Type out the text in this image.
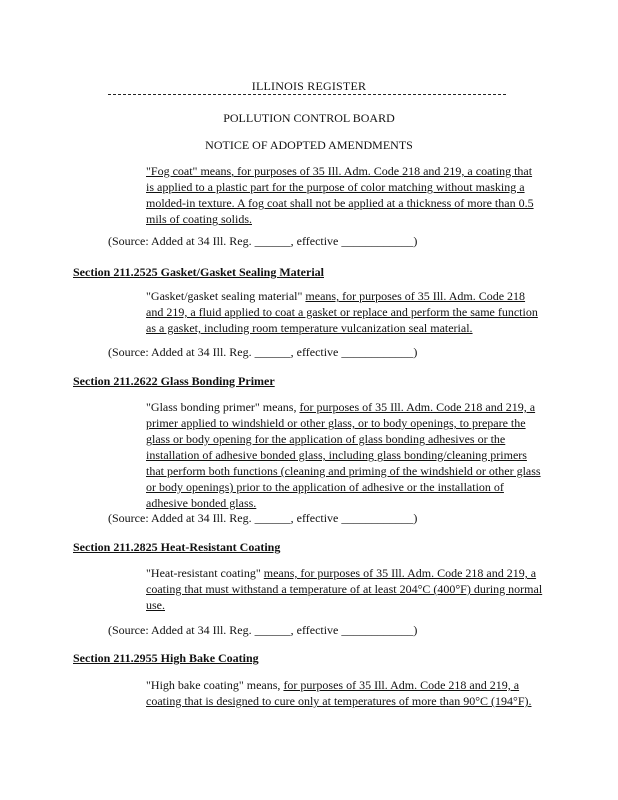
ILLINOIS REGISTER
POLLUTION CONTROL BOARD
NOTICE OF ADOPTED AMENDMENTS
"Fog coat" means, for purposes of 35 Ill. Adm. Code 218 and 219, a coating that
is applied to a plastic part for the purpose of color matching without masking a
molded-in texture. A fog coat shall not be applied at a thickness of more than 0.5
mils of coating solids.
(Source: Added at 34 Ill. Reg. ______, effective ____________)
Section 211.2525 Gasket/Gasket Sealing Material
"Gasket/gasket sealing material" means, for purposes of 35 Ill. Adm. Code 218
and 219, a fluid applied to coat a gasket or replace and perform the same function
as a gasket, including room temperature vulcanization seal material.
(Source: Added at 34 Ill. Reg. ______, effective ____________)
Section 211.2622 Glass Bonding Primer
"Glass bonding primer" means, for purposes of 35 Ill. Adm. Code 218 and 219, a
primer applied to windshield or other glass, or to body openings, to prepare the
glass or body opening for the application of glass bonding adhesives or the
installation of adhesive bonded glass, including glass bonding/cleaning primers
that perform both functions (cleaning and priming of the windshield or other glass
or body openings) prior to the application of adhesive or the installation of
adhesive bonded glass.
(Source: Added at 34 Ill. Reg. ______, effective ____________)
Section 211.2825 Heat-Resistant Coating
"Heat-resistant coating" means, for purposes of 35 Ill. Adm. Code 218 and 219, a
coating that must withstand a temperature of at least 204°C (400°F) during normal
use.
(Source: Added at 34 Ill. Reg. ______, effective ____________)
Section 211.2955 High Bake Coating
"High bake coating" means, for purposes of 35 Ill. Adm. Code 218 and 219, a
coating that is designed to cure only at temperatures of more than 90°C (194°F).
